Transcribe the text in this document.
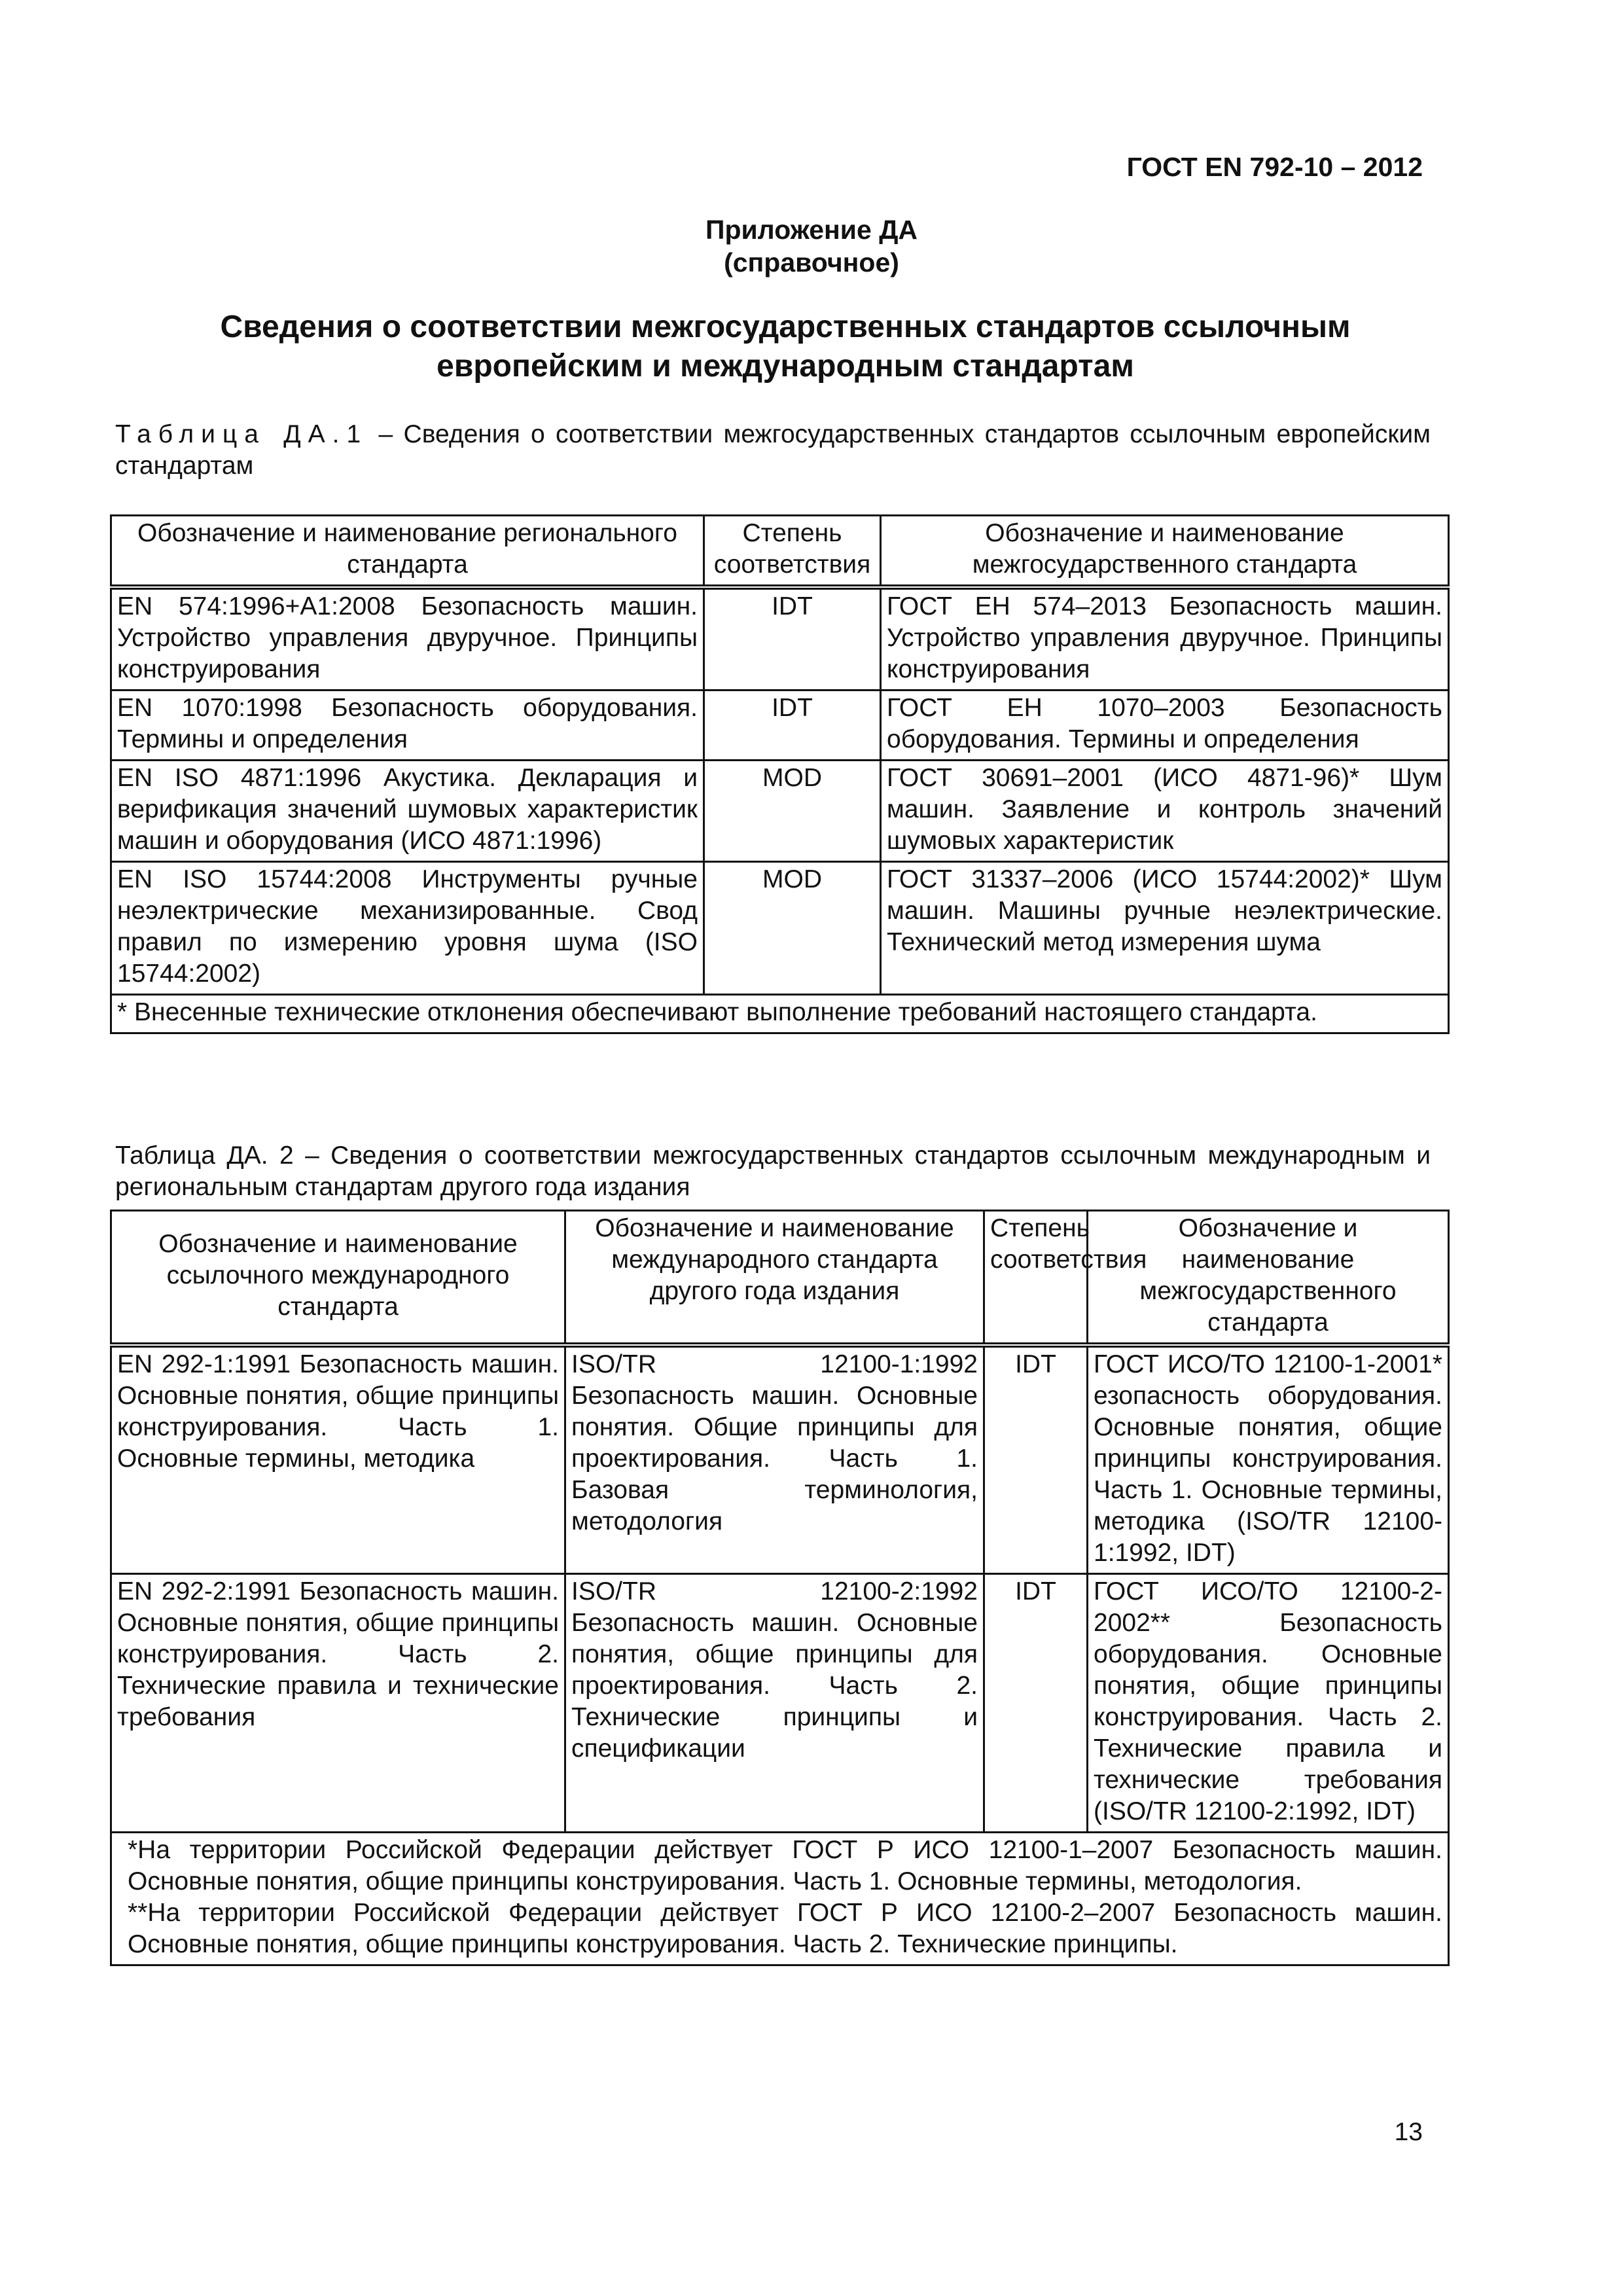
ГОСТ EN 792-10 – 2012
Приложение ДА
(справочное)
Сведения о соответствии межгосударственных стандартов ссылочным европейским и международным стандартам
Таблица ДА.1 – Сведения о соответствии межгосударственных стандартов ссылочным европейским стандартам
Обозначение и наименование регионального стандарта	Степень соответствия	Обозначение и наименование межгосударственного стандарта
EN 574:1996+A1:2008 Безопасность машин. Устройство управления двуручное. Принципы конструирования	IDT	ГОСТ ЕН 574–2013 Безопасность машин. Устройство управления двуручное. Принципы конструирования
EN 1070:1998 Безопасность оборудования. Термины и определения	IDT	ГОСТ ЕН 1070–2003 Безопасность оборудования. Термины и определения
EN ISO 4871:1996 Акустика. Декларация и верификация значений шумовых характеристик машин и оборудования (ИСО 4871:1996)	MOD	ГОСТ 30691–2001 (ИСО 4871-96)* Шум машин. Заявление и контроль значений шумовых характеристик
EN ISO 15744:2008 Инструменты ручные неэлектрические механизированные. Свод правил по измерению уровня шума (ISO 15744:2002)	MOD	ГОСТ 31337–2006 (ИСО 15744:2002)* Шум машин. Машины ручные неэлектрические. Технический метод измерения шума
* Внесенные технические отклонения обеспечивают выполнение требований настоящего стандарта.		
Таблица ДА. 2 – Сведения о соответствии межгосударственных стандартов ссылочным международным и региональным стандартам другого года издания
Обозначение и наименование ссылочного международного стандарта	Обозначение и наименование международного стандарта другого года издания	Степень соответствия	Обозначение и наименование межгосударственного стандарта
EN 292-1:1991 Безопасность машин. Основные понятия, общие принципы конструирования. Часть 1. Основные термины, методика	ISO/TR 12100-1:1992 Безопасность машин. Основные понятия. Общие принципы для проектирования. Часть 1. Базовая терминология, методология	IDT	ГОСТ ИСО/ТО 12100-1-2001* езопасность оборудования. Основные понятия, общие принципы конструирования. Часть 1. Основные термины, методика (ISO/TR 12100-1:1992, IDT)
EN 292-2:1991 Безопасность машин. Основные понятия, общие принципы конструирования. Часть 2. Технические правила и технические требования	ISO/TR 12100-2:1992 Безопасность машин. Основные понятия, общие принципы для проектирования. Часть 2. Технические принципы и спецификации	IDT	ГОСТ ИСО/ТО 12100-2-2002** Безопасность оборудования. Основные понятия, общие принципы конструирования. Часть 2. Технические правила и технические требования (ISO/TR 12100-2:1992, IDT)

*На территории Российской Федерации действует ГОСТ Р ИСО 12100-1–2007 Безопасность машин. Основные понятия, общие принципы конструирования. Часть 1. Основные термины, методология.
**На территории Российской Федерации действует ГОСТ Р ИСО 12100-2–2007 Безопасность машин. Основные понятия, общие принципы конструирования. Часть 2. Технические принципы.			
13
